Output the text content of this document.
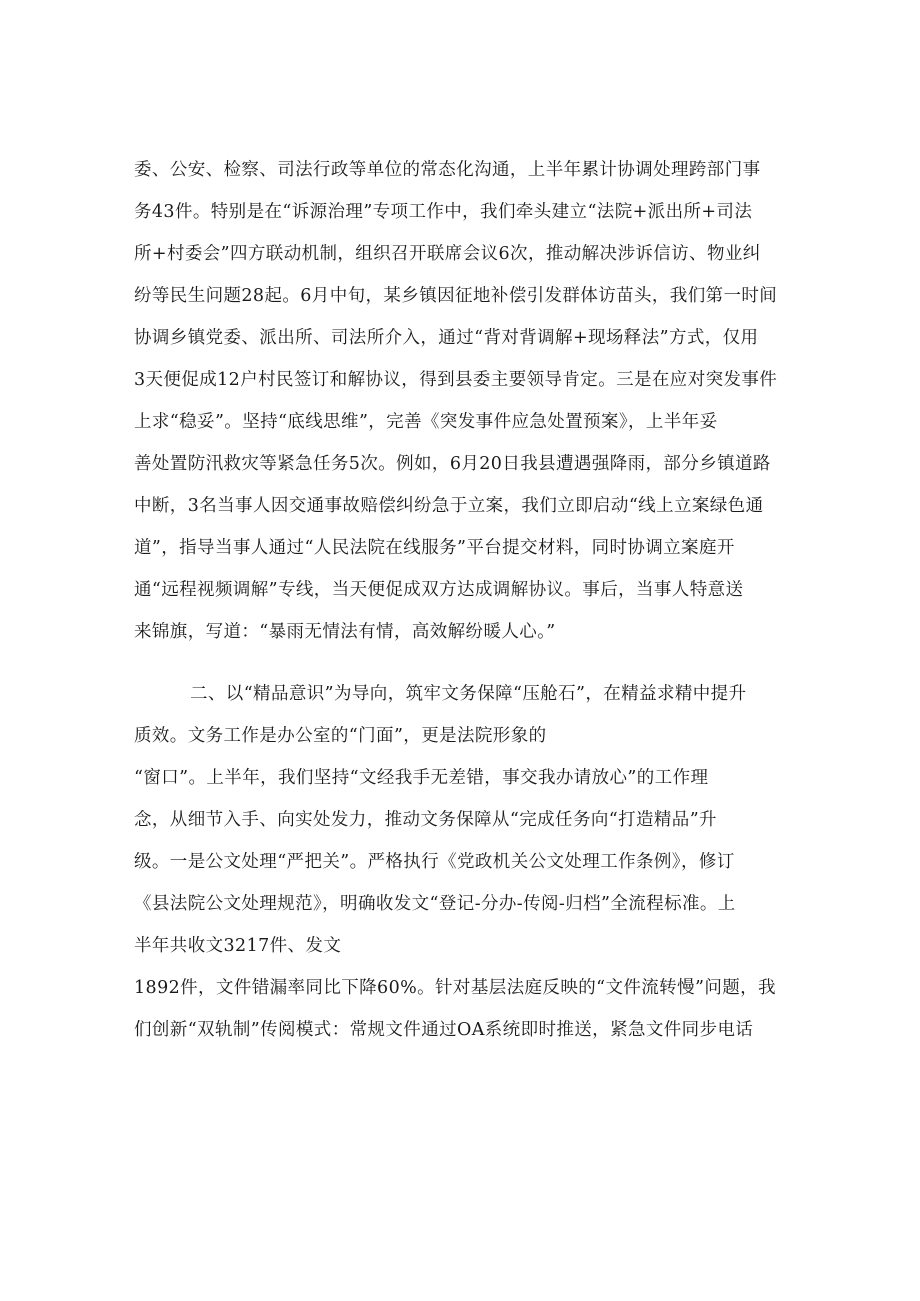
委、公安、检察、司法行政等单位的常态化沟通，上半年累计协调处理跨部门事
务43件。特别是在“诉源治理”专项工作中，我们牵头建立“法院+派出所+司法
所+村委会”四方联动机制，组织召开联席会议6次，推动解决涉诉信访、物业纠
纷等民生问题28起。6月中旬，某乡镇因征地补偿引发群体访苗头，我们第一时间
协调乡镇党委、派出所、司法所介入，通过“背对背调解+现场释法”方式，仅用
3天便促成12户村民签订和解协议，得到县委主要领导肯定。三是在应对突发事件
上求“稳妥”。坚持“底线思维”，完善《突发事件应急处置预案》，上半年妥
善处置防汛救灾等紧急任务5次。例如，6月20日我县遭遇强降雨，部分乡镇道路
中断，3名当事人因交通事故赔偿纠纷急于立案，我们立即启动“线上立案绿色通
道”，指导当事人通过“人民法院在线服务”平台提交材料，同时协调立案庭开
通“远程视频调解”专线，当天便促成双方达成调解协议。事后，当事人特意送
来锦旗，写道：“暴雨无情法有情，高效解纷暖人心。”
二、以“精品意识”为导向，筑牢文务保障“压舱石”，在精益求精中提升
质效。文务工作是办公室的“门面”，更是法院形象的
“窗口”。上半年，我们坚持“文经我手无差错，事交我办请放心”的工作理
念，从细节入手、向实处发力，推动文务保障从“完成任务向“打造精品”升
级。一是公文处理“严把关”。严格执行《党政机关公文处理工作条例》，修订
《县法院公文处理规范》，明确收发文“登记-分办-传阅-归档”全流程标准。上
半年共收文3217件、发文
1892件，文件错漏率同比下降60%。针对基层法庭反映的“文件流转慢”问题，我
们创新“双轨制”传阅模式：常规文件通过OA系统即时推送，紧急文件同步电话
